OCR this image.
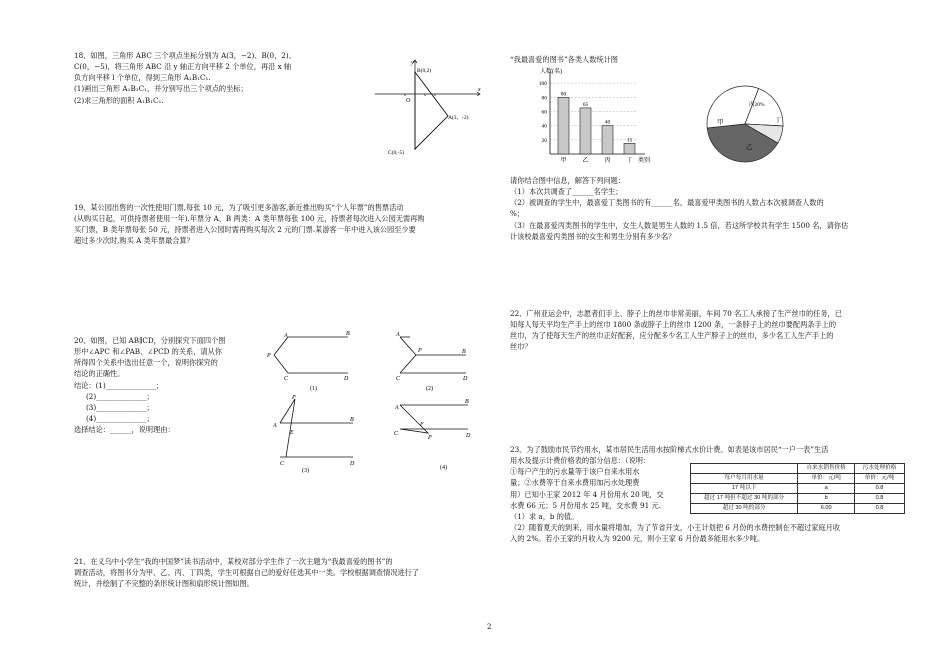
18、如图，三角形 ABC 三个项点坐标分别为 A(3，−2)、B(0，2)、

C(0，−5)，将三角形 ABC 沿 y 轴正方向平移 2 个单位，再沿 x 轴

负方向平移 l 个单位，得到三角形 A₁B₁C₁.

(1)画出三角形 A₁B₁C₁，并分别写出三个项点的坐标；

(2)求三角形的面积 A₁B₁C₁.

y
x
O
B(0,2)
A(3，-2)
C(0,-5)

19、某公园出售的一次性使用门票,每张 10 元，为了吸引更多游客,新近推出购买“个人年票”的售票活动

(从购买日起，可供持票者使用一年).年票分 A、B 两类：A 类年票每张 100 元，持票者每次进入公园无需再购

买门票，B 类年票每张 50 元，持票者进入公园时需再购买每次 2 元的门票.某游客一年中进入该公园至少要

超过多少次时,购买 A 类年票最合算？

20、如图，已知 AB∥CD，分别探究下面四个图

形中∠APC 和∠PAB、∠PCD 的关系，请从你

所得四个关系中选出任意一个，说明你探究的

结论的正确性。

结论：(1)______________；

(2)______________；

(3)______________；

(4)______________；

选择结论：______，说明理由：

A	B
P
C	D
(1)
A
B
P
C	D
(2)
A
B
P
E
C	D
(3)
A
B
F
P
C	D
(4)

21、在义乌中小学生“我的中国梦”读书活动中，某校对部分学生作了一次主题为“我最喜爱的图书”的

调查活动，将图书分为甲、乙、丙、丁四类，学生可根据自己的爱好任选其中一类。学校根据调查情况进行了

统计，并绘制了不完整的条形统计图和扇形统计图如图。

“我最喜爱的图书”各类人数统计图
人数(名)
类别
20
40
60
80
100
80
甲
65
乙
40
丙
15
丁
甲
乙
丙20%
丁

请你结合图中信息，解答下列问题：

（1）本次共调查了______名学生；

（2）被调查的学生中，最喜爱丁类图书的有______名，最喜爱甲类图书的人数占本次被调查人数的

%；

（3）在最喜爱丙类图书的学生中，女生人数是男生人数的 1.5 倍，若这所学校共有学生 1500 名，请你估

计该校最喜爱丙类图书的女生和男生分别有多少名？

22、广州亚运会中，志愿者们手上、脖子上的丝巾非常美丽，车间 70 名工人承接了生产丝巾的任务，已

知每人每天平均生产手上的丝巾 1800 条或脖子上的丝巾 1200 条，一条脖子上的丝巾要配两条手上的

丝巾，为了使每天生产的丝巾正好配套，应分配多少名工人生产脖子上的丝巾，多少名工人生产手上的

丝巾？

23、为了鼓励市民节约用水，某市居民生活用水按阶梯式水价计费。如表是该市居民“一户一表”生活

用水及提示计费价格表的部分信息：（说明：

①每户产生的污水量等于该户自来水用水

量；②水费等于自来水费用加污水处理费

用）已知小王家 2012 年 4 月份用水 20 吨，交

水费 66 元；5 月份用水 25 吨，交水费 91 元.

（1）求 a，b 的值。

（2）随着夏天的到来，用水量将增加，为了节省开支，小王计划把 6 月份的水费控制在不超过家庭月收

入的 2%。若小王家的月收入为 9200 元，则小王家 6 月份最多能用水多少吨。

	自来水销售价格	污水处理价格
每户每月用水量	单价：元/吨	单价：元/吨
17 吨以下	a	0.8
超过 17 吨但不超过 30 吨的部分	b	0.8
超过 30 吨的部分	6.00	0.8
2
